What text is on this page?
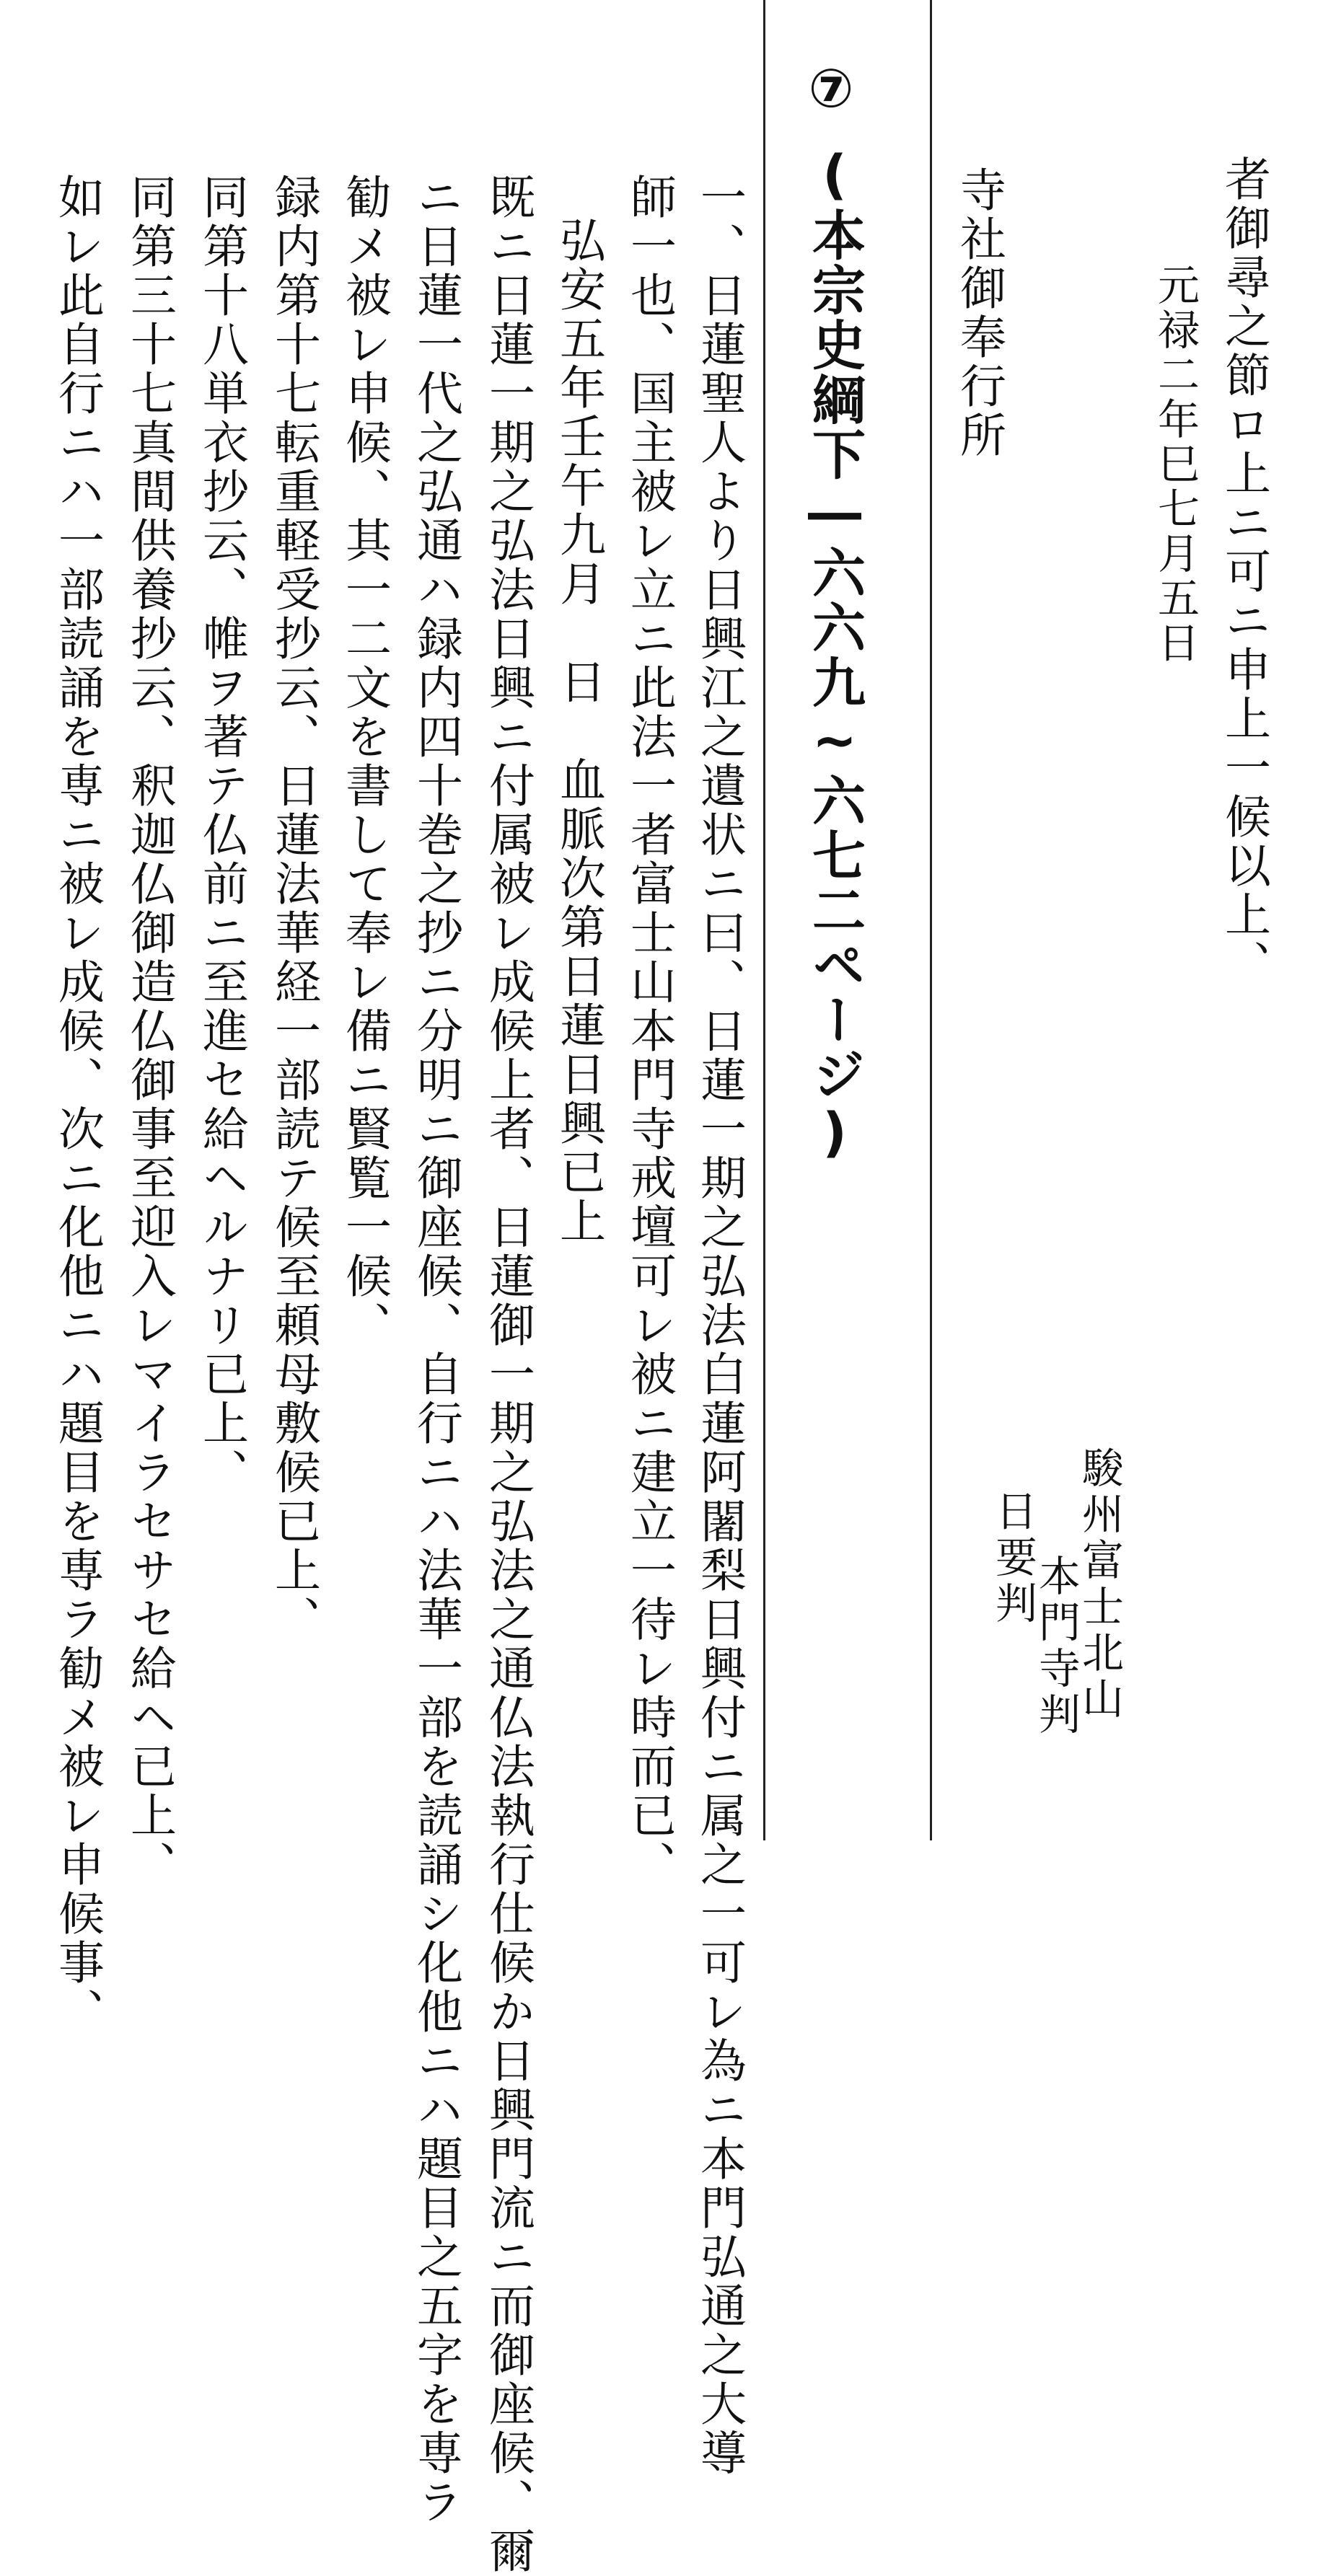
者御尋之節ロ上ニ可ニ申上一候以上、
元禄二年巳七月五日
駿州富士北山
本門寺判
日要判
寺社御奉行所
⑦
(本宗史綱下―六六九~六七二ページ)
一、日蓮聖人より日興江之遺状ニ曰、日蓮一期之弘法白蓮阿闍梨日興付ニ属之一可レ為ニ本門弘通之大導
師一也、国主被レ立ニ此法一者富士山本門寺戒壇可レ被ニ建立一待レ時而已、
弘安五年壬午九月　日　血脈次第日蓮日興已上
既ニ日蓮一期之弘法日興ニ付属被レ成候上者、日蓮御一期之弘法之通仏法執行仕候か日興門流ニ而御座候、爾
ニ日蓮一代之弘通ハ録内四十巻之抄ニ分明ニ御座候、自行ニハ法華一部を読誦シ化他ニハ題目之五字を専ラ
勧メ被レ申候、其一二文を書して奉レ備ニ賢覧一候、
録内第十七転重軽受抄云、日蓮法華経一部読テ候至頼母敷候已上、
同第十八単衣抄云、帷ヲ著テ仏前ニ至進セ給ヘルナリ已上、
同第三十七真間供養抄云、釈迦仏御造仏御事至迎入レマイラセサセ給ヘ已上、
如レ此自行ニハ一部読誦を専ニ被レ成候、次ニ化他ニハ題目を専ラ勧メ被レ申候事、
